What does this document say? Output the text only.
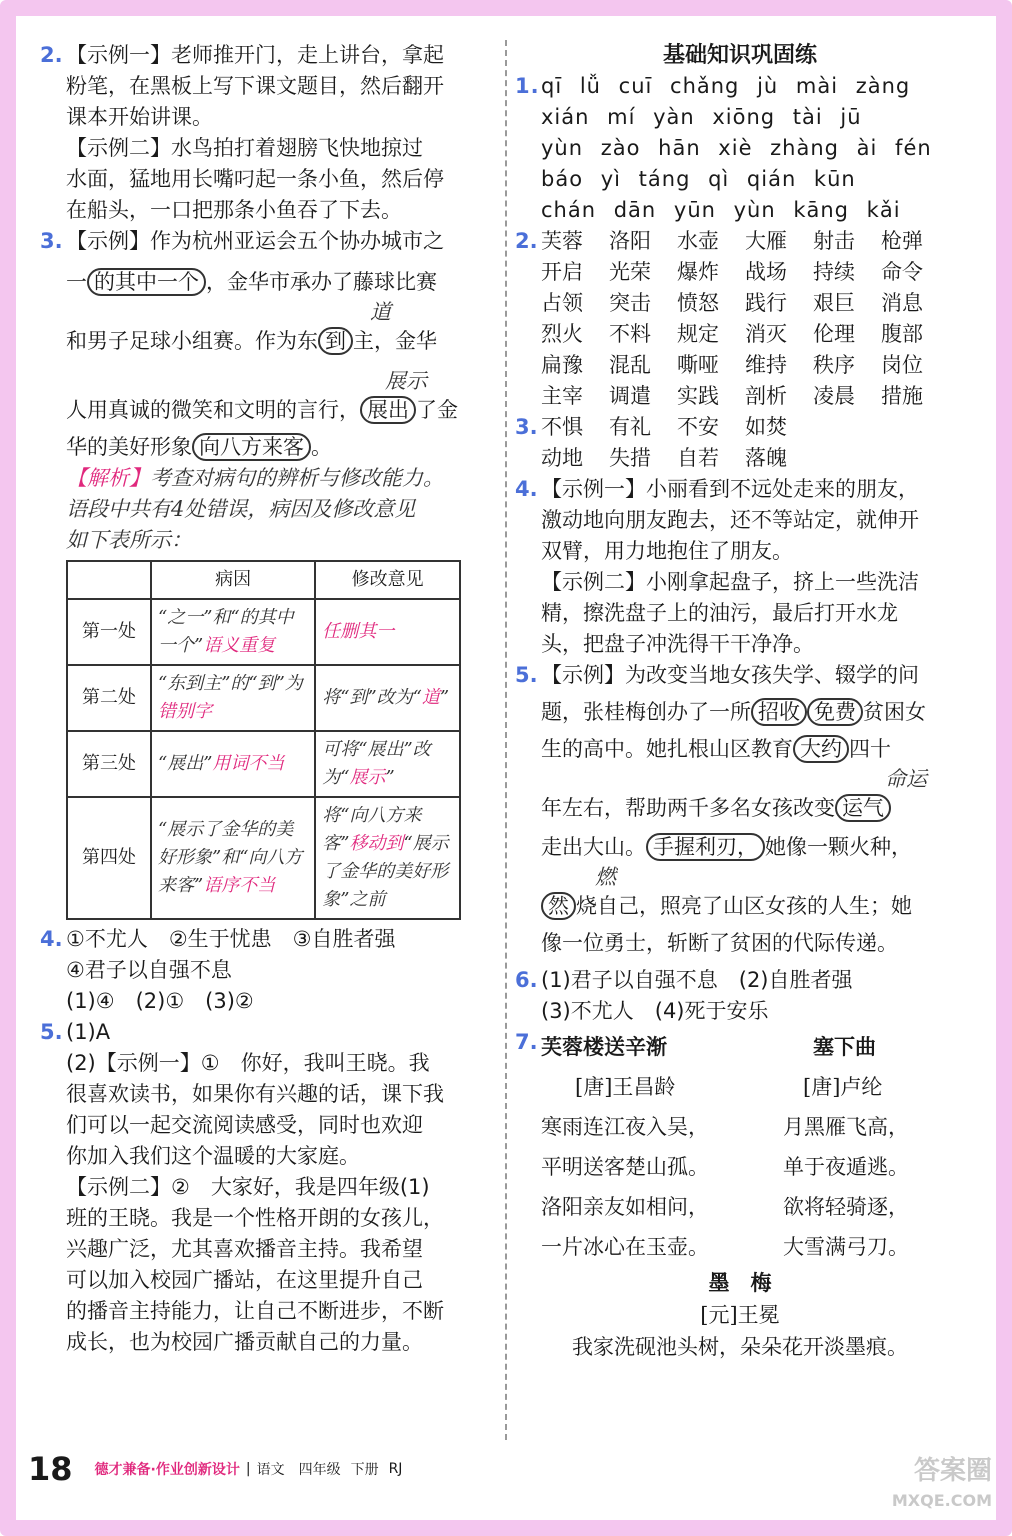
2. 【示例一】老师推开门，走上讲台，拿起

粉笔，在黑板上写下课文题目，然后翻开

课本开始讲课。

【示例二】水鸟拍打着翅膀飞快地掠过

水面，猛地用长嘴叼起一条小鱼，然后停

在船头，一口把那条小鱼吞了下去。

3. 【示例】作为杭州亚运会五个协办城市之

一 的其中一个 ，金华市承办了藤球比赛

道

和男子足球小组赛。作为东 到 主，金华

展示

人用真诚的微笑和文明的言行， 展出 了金

华的美好形象 向八方来客 。

【解析】考查对病句的辨析与修改能力。

语段中共有4处错误，病因及修改意见

如下表所示：

	病因	修改意见
第一处	“之一”和“的其中一个”语义重复	任删其一
第二处	“东到主”的“到”为错别字	将“到”改为“道”
第三处	“展出”用词不当	可将“展出”改为“展示”
第四处	“展示了金华的美好形象”和“向八方来客”语序不当	将“向八方来客”移动到“展示了金华的美好形象”之前

4. ①不尤人　②生于忧患　③自胜者强

④君子以自强不息

(1)④　(2)①　(3)②

5. (1)A

(2)【示例一】①　你好，我叫王晓。我

很喜欢读书，如果你有兴趣的话，课下我

们可以一起交流阅读感受，同时也欢迎

你加入我们这个温暖的大家庭。

【示例二】②　大家好，我是四年级(1)

班的王晓。我是一个性格开朗的女孩儿，

兴趣广泛，尤其喜欢播音主持。我希望

可以加入校园广播站，在这里提升自己

的播音主持能力，让自己不断进步，不断

成长，也为校园广播贡献自己的力量。

基础知识巩固练

1.qī lǚ cuī chǎng jù mài zàng

xián mí yàn xiōng tài jū

yùn zào hān xiè zhàng ài fén

báo yì táng qì qián kūn

chán dān yūn yùn kāng kǎi

2. 芙蓉	洛阳	水壶	大雁	射击	枪弹
开启	光荣	爆炸	战场	持续	命令
占领	突击	愤怒	践行	艰巨	消息
烈火	不料	规定	消灭	伦理	腹部
扁豫	混乱	嘶哑	维持	秩序	岗位
主宰	调遣	实践	剖析	凌晨	措施
3. 不惧	有礼	不安	如焚
动地	失措	自若	落魄

4. 【示例一】小丽看到不远处走来的朋友，

激动地向朋友跑去，还不等站定，就伸开

双臂，用力地抱住了朋友。

【示例二】小刚拿起盘子，挤上一些洗洁

精，擦洗盘子上的油污，最后打开水龙

头，把盘子冲洗得干干净净。

5. 【示例】为改变当地女孩失学、辍学的问

题，张桂梅创办了一所 招收 免费 贫困女

生的高中。她扎根山区教育 大约 四十

命运

年左右，帮助两千多名女孩改变 运气

走出大山。 手握利刃， 她像一颗火种，

燃

然 烧自己，照亮了山区女孩的人生；她

像一位勇士，斩断了贫困的代际传递。

6. (1)君子以自强不息　(2)自胜者强

(3)不尤人　(4)死于安乐

7. 芙蓉楼送辛渐
[唐]王昌龄
寒雨连江夜入吴，
平明送客楚山孤。
洛阳亲友如相问，
一片冰心在玉壶。
塞下曲
[唐]卢纶
月黑雁飞高，
单于夜遁逃。
欲将轻骑逐，
大雪满弓刀。
墨　梅
[元]王冕
我家洗砚池头树，朵朵花开淡墨痕。
18 德才兼备·作业创新设计 | 语文 四年级 下册 RJ	答案圈
MXQE.COM
